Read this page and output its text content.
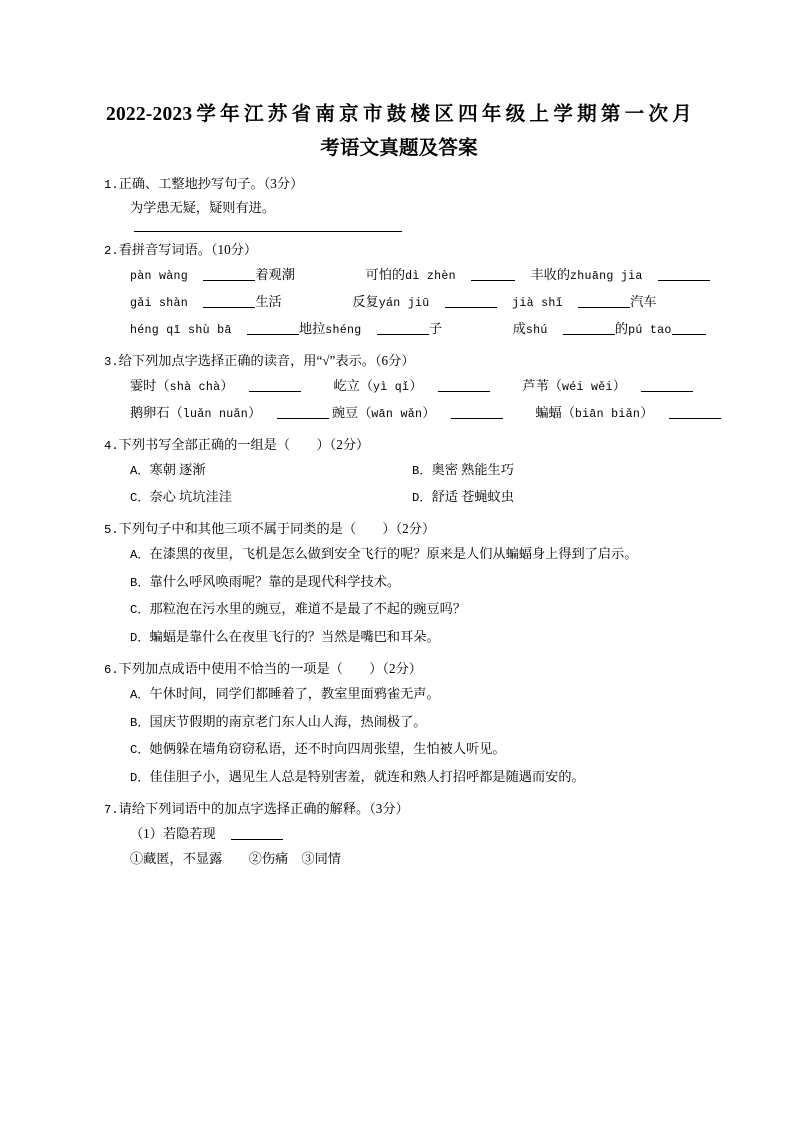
2022-2023学年江苏省南京市鼓楼区四年级上学期第一次月
考语文真题及答案
1.正确、工整地抄写句子。（3分）
为学患无疑，疑则有进。
2.看拼音写词语。（10分）
pàn wàng	着观潮	可怕的dì zhèn	丰收的zhuāng jia
gǎi shàn	生活	反复yán jiū	jià shǐ	汽车
héng qī shù bā	地拉shéng	子	成shú	的pú tao
3.给下列加点字选择正确的读音，用“√”表示。（6分）
霎时（shà chà）	屹立（yì qǐ）	芦苇（wéi wěi）
鹅卵石（luǎn nuǎn）	豌豆（wān wǎn）	蝙蝠（biān biǎn）
4.下列书写全部正确的一组是（　　）（2分）
A．寒朝 逐渐	B．奥密 熟能生巧
C．奈心 坑坑洼洼	D．舒适 苍蝇蚊虫
5.下列句子中和其他三项不属于同类的是（　　）（2分）
A．在漆黑的夜里，飞机是怎么做到安全飞行的呢？原来是人们从蝙蝠身上得到了启示。
B．靠什么呼风唤雨呢？靠的是现代科学技术。
C．那粒泡在污水里的豌豆，难道不是最了不起的豌豆吗？
D．蝙蝠是靠什么在夜里飞行的？当然是嘴巴和耳朵。
6.下列加点成语中使用不恰当的一项是（　　）（2分）
A．午休时间，同学们都睡着了，教室里面鸦雀无声。
B．国庆节假期的南京老门东人山人海，热闹极了。
C．她俩躲在墙角窃窃私语，还不时向四周张望，生怕被人听见。
D．佳佳胆子小，遇见生人总是特别害羞，就连和熟人打招呼都是随遇而安的。
7.请给下列词语中的加点字选择正确的解释。（3分）
（1）若隐若现
①藏匿，不显露　　②伤痛　③同情
